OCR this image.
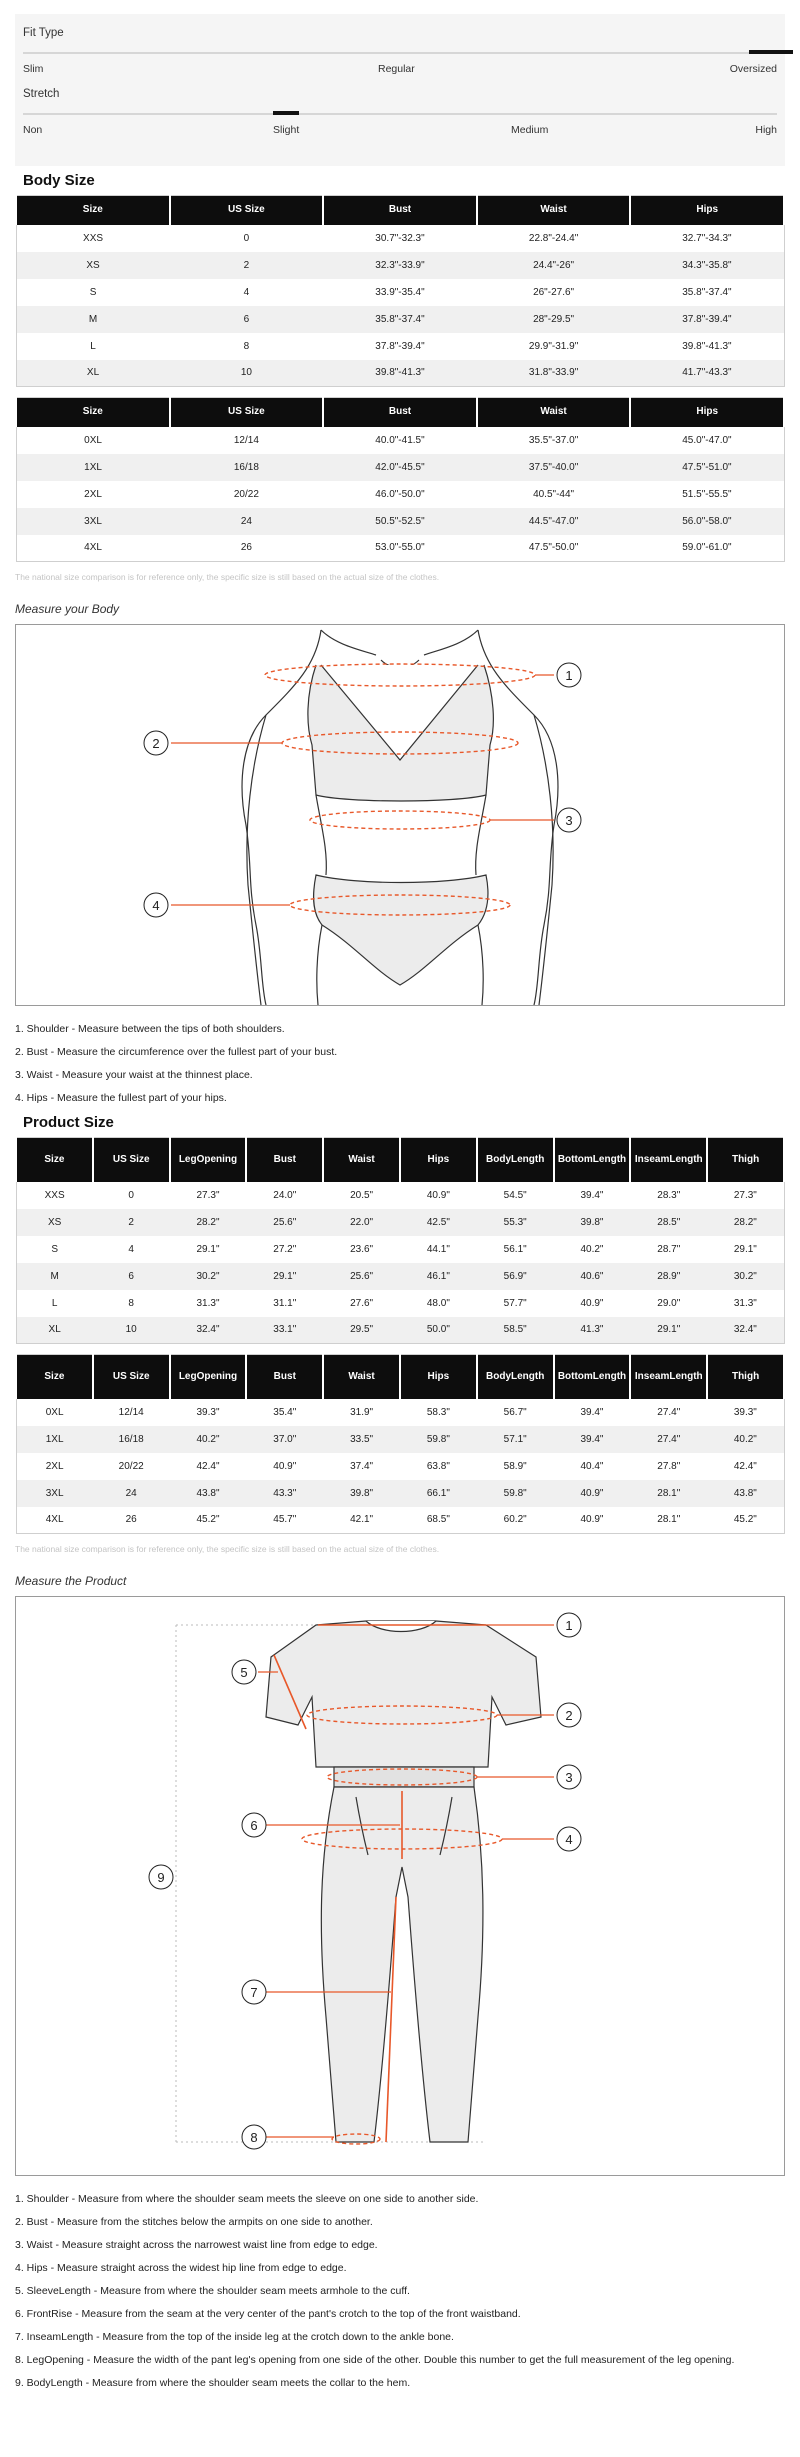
Fit Type
Slim	Regular	Oversized
Stretch
Non	Slight	Medium	High
Body Size
Size	US Size	Bust	Waist	Hips
XXS	0	30.7"-32.3"	22.8"-24.4"	32.7"-34.3"
XS	2	32.3"-33.9"	24.4"-26"	34.3"-35.8"
S	4	33.9"-35.4"	26"-27.6"	35.8"-37.4"
M	6	35.8"-37.4"	28"-29.5"	37.8"-39.4"
L	8	37.8"-39.4"	29.9"-31.9"	39.8"-41.3"
XL	10	39.8"-41.3"	31.8"-33.9"	41.7"-43.3"
Size	US Size	Bust	Waist	Hips
0XL	12/14	40.0"-41.5"	35.5"-37.0"	45.0"-47.0"
1XL	16/18	42.0"-45.5"	37.5"-40.0"	47.5"-51.0"
2XL	20/22	46.0"-50.0"	40.5"-44"	51.5"-55.5"
3XL	24	50.5"-52.5"	44.5"-47.0"	56.0"-58.0"
4XL	26	53.0"-55.0"	47.5"-50.0"	59.0"-61.0"
The national size comparison is for reference only, the specific size is still based on the actual size of the clothes.
Measure your Body
1
2
3
4
1. Shoulder - Measure between the tips of both shoulders.
2. Bust - Measure the circumference over the fullest part of your bust.
3. Waist - Measure your waist at the thinnest place.
4. Hips - Measure the fullest part of your hips.
Product Size
Size	US Size	LegOpening	Bust	Waist	Hips	BodyLength	BottomLength	InseamLength	Thigh
XXS	0	27.3"	24.0"	20.5"	40.9"	54.5"	39.4"	28.3"	27.3"
XS	2	28.2"	25.6"	22.0"	42.5"	55.3"	39.8"	28.5"	28.2"
S	4	29.1"	27.2"	23.6"	44.1"	56.1"	40.2"	28.7"	29.1"
M	6	30.2"	29.1"	25.6"	46.1"	56.9"	40.6"	28.9"	30.2"
L	8	31.3"	31.1"	27.6"	48.0"	57.7"	40.9"	29.0"	31.3"
XL	10	32.4"	33.1"	29.5"	50.0"	58.5"	41.3"	29.1"	32.4"
Size	US Size	LegOpening	Bust	Waist	Hips	BodyLength	BottomLength	InseamLength	Thigh
0XL	12/14	39.3"	35.4"	31.9"	58.3"	56.7"	39.4"	27.4"	39.3"
1XL	16/18	40.2"	37.0"	33.5"	59.8"	57.1"	39.4"	27.4"	40.2"
2XL	20/22	42.4"	40.9"	37.4"	63.8"	58.9"	40.4"	27.8"	42.4"
3XL	24	43.8"	43.3"	39.8"	66.1"	59.8"	40.9"	28.1"	43.8"
4XL	26	45.2"	45.7"	42.1"	68.5"	60.2"	40.9"	28.1"	45.2"
The national size comparison is for reference only, the specific size is still based on the actual size of the clothes.
Measure the Product
1
2
3
4
5
6
7
8
9
1. Shoulder - Measure from where the shoulder seam meets the sleeve on one side to another side.
2. Bust - Measure from the stitches below the armpits on one side to another.
3. Waist - Measure straight across the narrowest waist line from edge to edge.
4. Hips - Measure straight across the widest hip line from edge to edge.
5. SleeveLength - Measure from where the shoulder seam meets armhole to the cuff.
6. FrontRise - Measure from the seam at the very center of the pant's crotch to the top of the front waistband.
7. InseamLength - Measure from the top of the inside leg at the crotch down to the ankle bone.
8. LegOpening - Measure the width of the pant leg's opening from one side of the other. Double this number to get the full measurement of the leg opening.
9. BodyLength - Measure from where the shoulder seam meets the collar to the hem.
